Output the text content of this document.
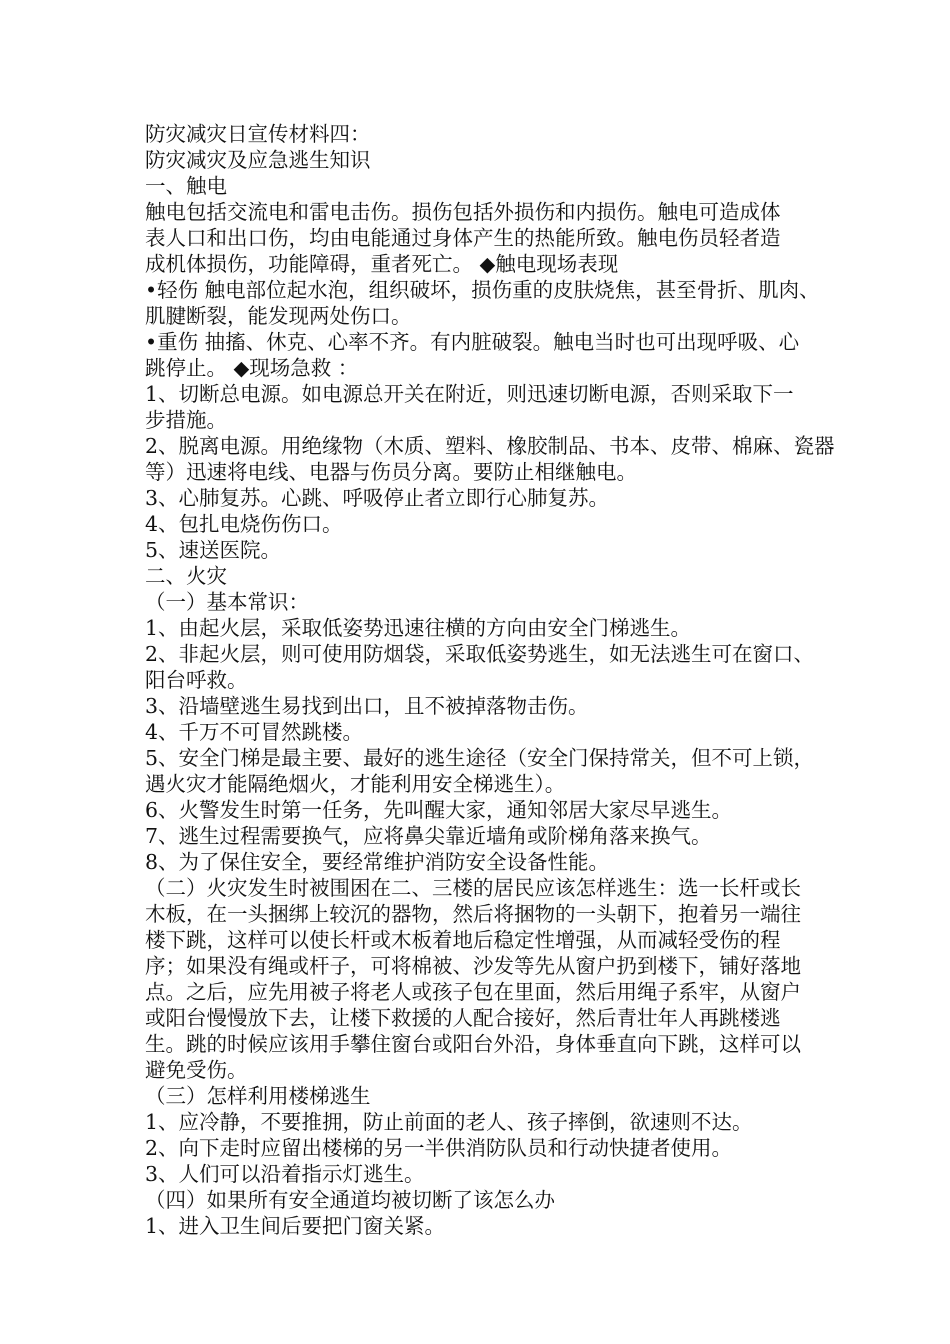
防灾减灾日宣传材料四：
防灾减灾及应急逃生知识
一、触电
触电包括交流电和雷电击伤。损伤包括外损伤和内损伤。触电可造成体
表人口和出口伤，均由电能通过身体产生的热能所致。触电伤员轻者造
成机体损伤，功能障碍，重者死亡。 ◆触电现场表现
•轻伤 触电部位起水泡，组织破坏，损伤重的皮肤烧焦，甚至骨折、肌肉、
肌腱断裂，能发现两处伤口。
•重伤 抽搐、休克、心率不齐。有内脏破裂。触电当时也可出现呼吸、心
跳停止。 ◆现场急救 ：
1、切断总电源。如电源总开关在附近，则迅速切断电源，否则采取下一
步措施。
2、脱离电源。用绝缘物（木质、塑料、橡胶制品、书本、皮带、棉麻、瓷器
等）迅速将电线、电器与伤员分离。要防止相继触电。
3、心肺复苏。心跳、呼吸停止者立即行心肺复苏。
4、包扎电烧伤伤口。
5、速送医院。
二、火灾
（一）基本常识：
1、由起火层，采取低姿势迅速往横的方向由安全门梯逃生。
2、非起火层，则可使用防烟袋，采取低姿势逃生，如无法逃生可在窗口、
阳台呼救。
3、沿墙壁逃生易找到出口，且不被掉落物击伤。
4、千万不可冒然跳楼。
5、安全门梯是最主要、最好的逃生途径（安全门保持常关，但不可上锁，
遇火灾才能隔绝烟火，才能利用安全梯逃生）。
6、火警发生时第一任务，先叫醒大家，通知邻居大家尽早逃生。
7、逃生过程需要换气，应将鼻尖靠近墙角或阶梯角落来换气。
8、为了保住安全，要经常维护消防安全设备性能。
（二）火灾发生时被围困在二、三楼的居民应该怎样逃生：选一长杆或长
木板，在一头捆绑上较沉的器物，然后将捆物的一头朝下，抱着另一端往
楼下跳，这样可以使长杆或木板着地后稳定性增强，从而减轻受伤的程
序；如果没有绳或杆子，可将棉被、沙发等先从窗户扔到楼下，铺好落地
点。之后，应先用被子将老人或孩子包在里面，然后用绳子系牢，从窗户
或阳台慢慢放下去，让楼下救援的人配合接好，然后青壮年人再跳楼逃
生。跳的时候应该用手攀住窗台或阳台外沿，身体垂直向下跳，这样可以
避免受伤。
（三）怎样利用楼梯逃生
1、应冷静，不要推拥，防止前面的老人、孩子摔倒，欲速则不达。
2、向下走时应留出楼梯的另一半供消防队员和行动快捷者使用。
3、人们可以沿着指示灯逃生。
（四）如果所有安全通道均被切断了该怎么办
1、进入卫生间后要把门窗关紧。
